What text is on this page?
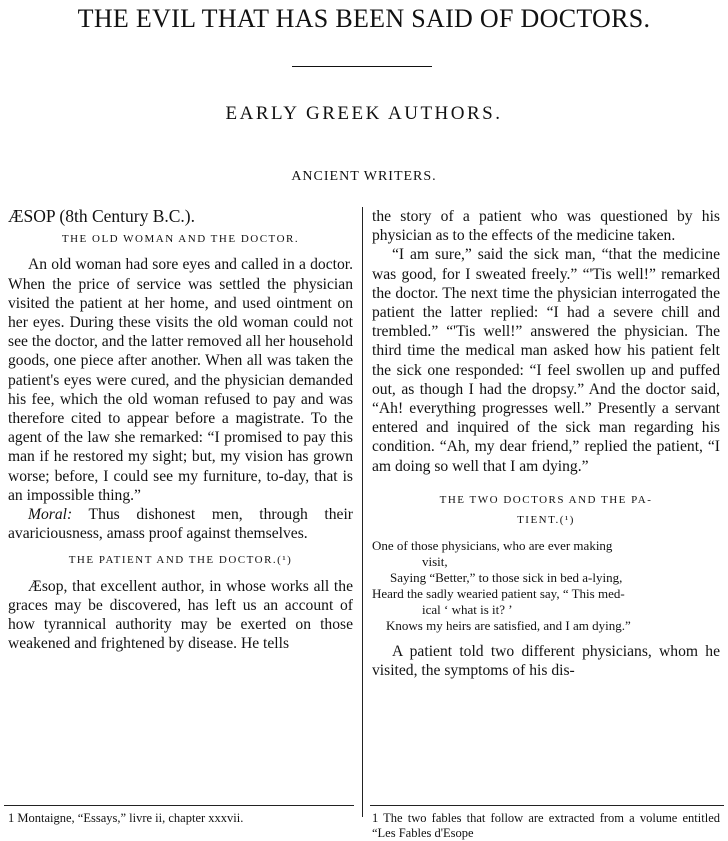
THE EVIL THAT HAS BEEN SAID OF DOCTORS.
EARLY GREEK AUTHORS.
ANCIENT WRITERS.
ÆSOP (8th Century B.C.).
THE OLD WOMAN AND THE DOCTOR.

An old woman had sore eyes and called in a doctor. When the price of service was settled the physician visited the patient at her home, and used ointment on her eyes. During these visits the old woman could not see the doctor, and the latter removed all her household goods, one piece after another. When all was taken the patient's eyes were cured, and the physician demanded his fee, which the old woman refused to pay and was therefore cited to appear before a magistrate. To the agent of the law she remarked: “I promised to pay this man if he restored my sight; but, my vision has grown worse; before, I could see my furniture, to-day, that is an impossible thing.”

Moral: Thus dishonest men, through their avariciousness, amass proof against themselves.

THE PATIENT AND THE DOCTOR.(¹)

Æsop, that excellent author, in whose works all the graces may be discovered, has left us an account of how tyrannical authority may be exerted on those weakened and frightened by disease. He tells

the story of a patient who was questioned by his physician as to the effects of the medicine taken.

“I am sure,” said the sick man, “that the medicine was good, for I sweated freely.” “'Tis well!” remarked the doctor. The next time the physician interrogated the patient the latter replied: “I had a severe chill and trembled.” “'Tis well!” answered the physician. The third time the medical man asked how his patient felt the sick one responded: “I feel swollen up and puffed out, as though I had the dropsy.” And the doctor said, “Ah! everything progresses well.” Presently a servant entered and inquired of the sick man regarding his condition. “Ah, my dear friend,” replied the patient, “I am doing so well that I am dying.”

THE TWO DOCTORS AND THE PA-
TIENT.(¹)
One of those physicians, who are ever making
visit,
Saying “Better,” to those sick in bed a-lying,
Heard the sadly wearied patient say, “ This med-
ical ‘ what is it? ’
Knows my heirs are satisfied, and I am dying.”

A patient told two different physicians, whom he visited, the symptoms of his dis-

1 Montaigne, “Essays,” livre ii, chapter xxxvii.	1 The two fables that follow are extracted from a volume entitled “Les Fables d'Esope
